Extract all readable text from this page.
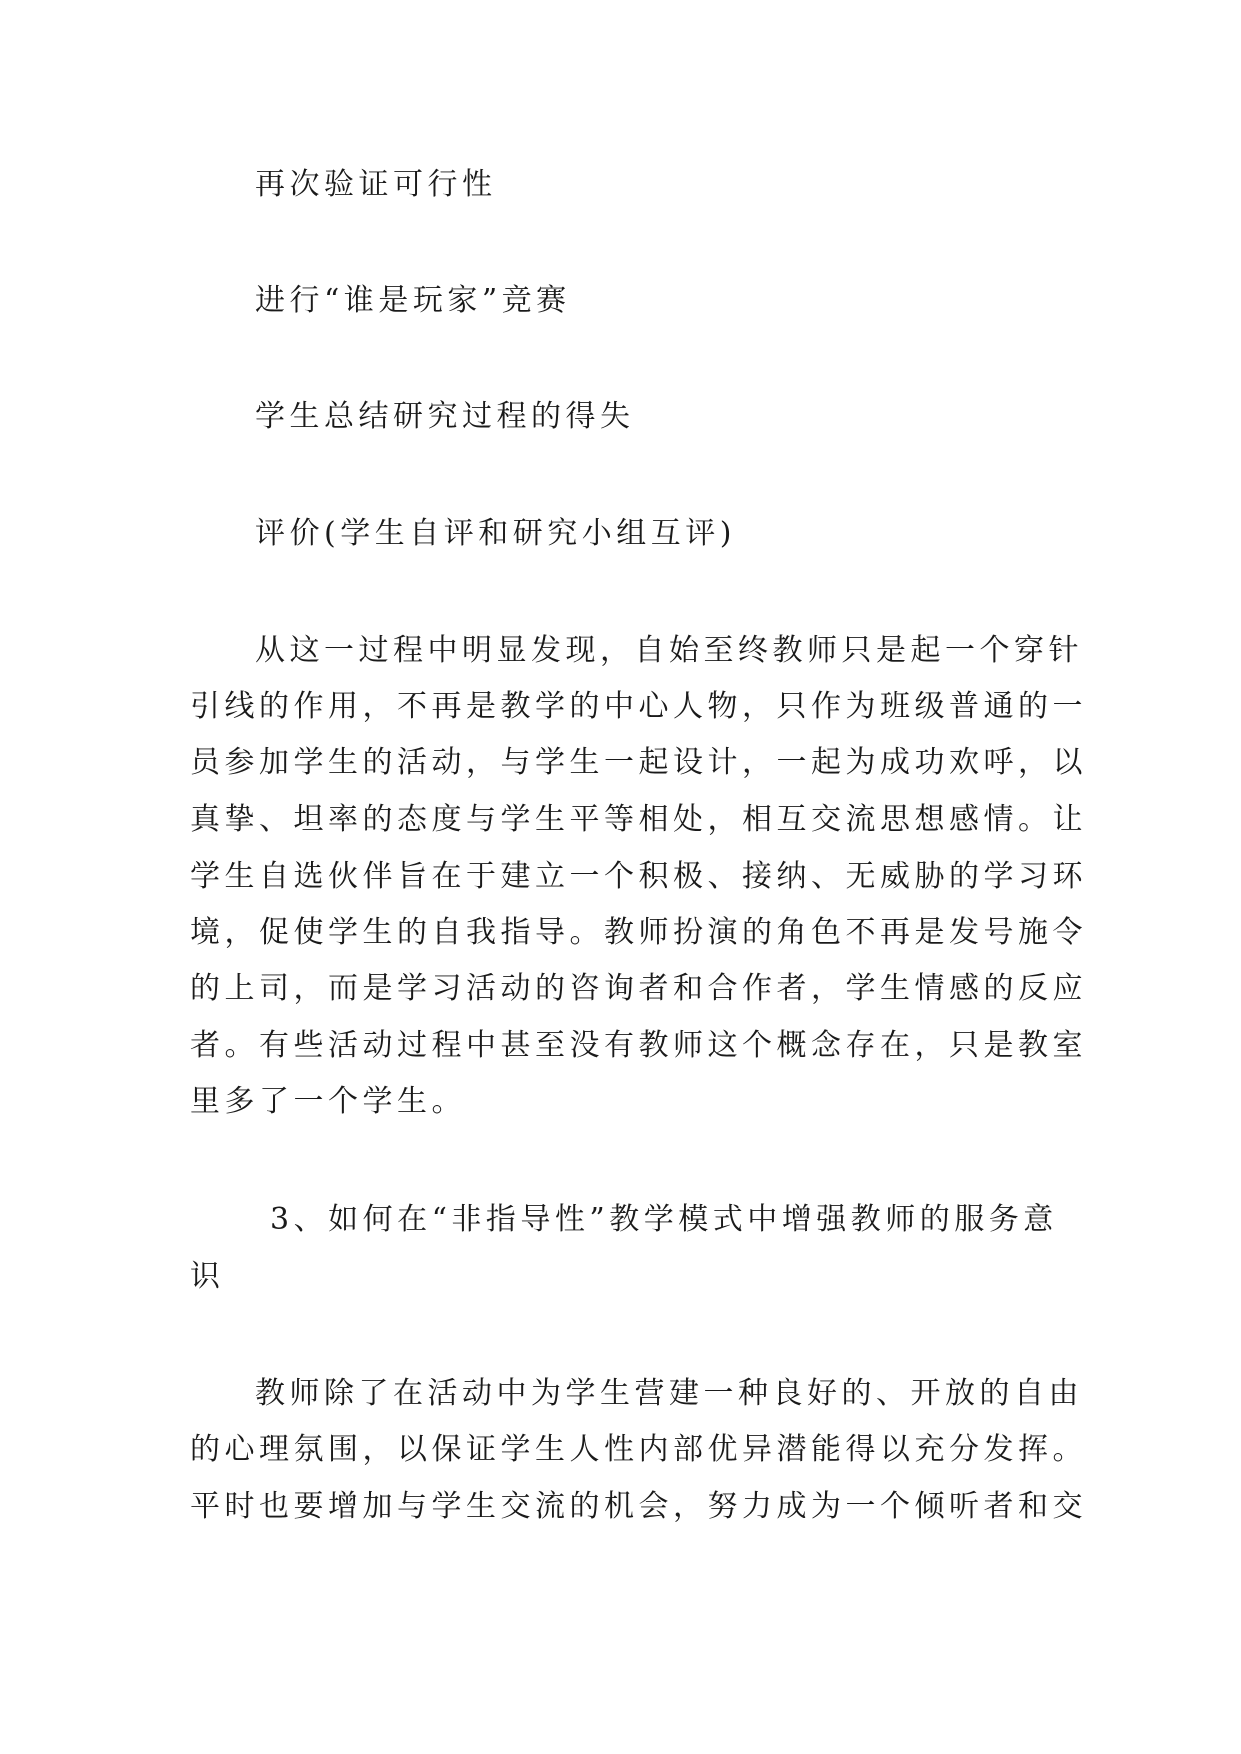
再次验证可行性
进行“谁是玩家”竞赛
学生总结研究过程的得失
评价(学生自评和研究小组互评)
从这一过程中明显发现，自始至终教师只是起一个穿针
引线的作用，不再是教学的中心人物，只作为班级普通的一
员参加学生的活动，与学生一起设计，一起为成功欢呼，以
真挚、坦率的态度与学生平等相处，相互交流思想感情。让
学生自选伙伴旨在于建立一个积极、接纳、无威胁的学习环
境，促使学生的自我指导。教师扮演的角色不再是发号施令
的上司，而是学习活动的咨询者和合作者，学生情感的反应
者。有些活动过程中甚至没有教师这个概念存在，只是教室
里多了一个学生。
3、如何在“非指导性”教学模式中增强教师的服务意
识
教师除了在活动中为学生营建一种良好的、开放的自由
的心理氛围，以保证学生人性内部优异潜能得以充分发挥。
平时也要增加与学生交流的机会，努力成为一个倾听者和交
